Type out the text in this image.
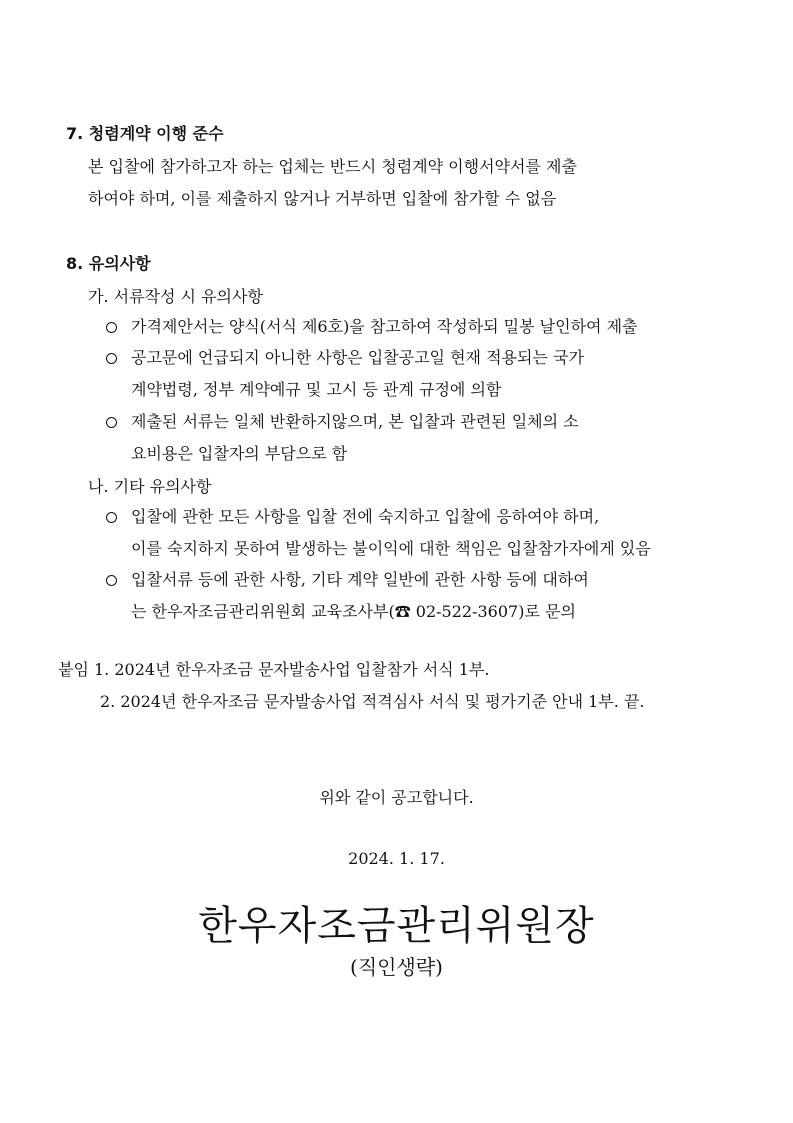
7. 청렴계약 이행 준수
본 입찰에 참가하고자 하는 업체는 반드시 청렴계약 이행서약서를 제출
하여야 하며, 이를 제출하지 않거나 거부하면 입찰에 참가할 수 없음
8. 유의사항
가. 서류작성 시 유의사항
가격제안서는 양식(서식 제6호)을 참고하여 작성하되 밀봉 날인하여 제출
공고문에 언급되지 아니한 사항은 입찰공고일 현재 적용되는 국가
계약법령, 정부 계약예규 및 고시 등 관계 규정에 의함
제출된 서류는 일체 반환하지않으며, 본 입찰과 관련된 일체의 소
요비용은 입찰자의 부담으로 함
나. 기타 유의사항
입찰에 관한 모든 사항을 입찰 전에 숙지하고 입찰에 응하여야 하며,
이를 숙지하지 못하여 발생하는 불이익에 대한 책임은 입찰참가자에게 있음
입찰서류 등에 관한 사항, 기타 계약 일반에 관한 사항 등에 대하여
는 한우자조금관리위원회 교육조사부(☎ 02-522-3607)로 문의
붙임 1. 2024년 한우자조금 문자발송사업 입찰참가 서식 1부.
2. 2024년 한우자조금 문자발송사업 적격심사 서식 및 평가기준 안내 1부. 끝.
위와 같이 공고합니다.
2024. 1. 17.
한우자조금관리위원장
(직인생략)
